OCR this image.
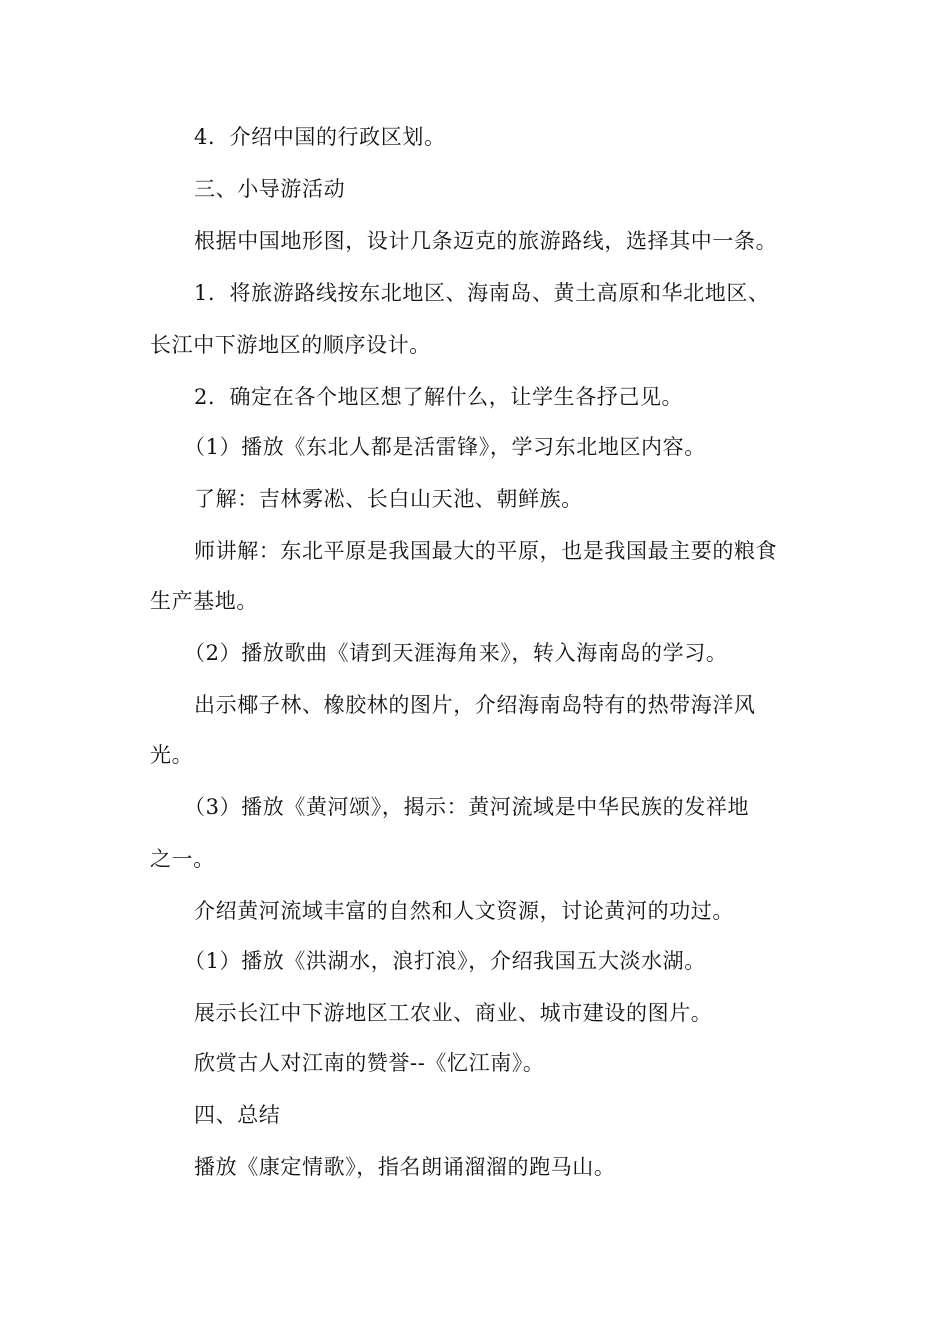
4．介绍中国的行政区划。
三、小导游活动
根据中国地形图，设计几条迈克的旅游路线，选择其中一条。
1．将旅游路线按东北地区、海南岛、黄土高原和华北地区、
长江中下游地区的顺序设计。
2．确定在各个地区想了解什么，让学生各抒己见。
（1）播放《东北人都是活雷锋》，学习东北地区内容。
了解：吉林雾凇、长白山天池、朝鲜族。
师讲解：东北平原是我国最大的平原，也是我国最主要的粮食
生产基地。
（2）播放歌曲《请到天涯海角来》，转入海南岛的学习。
出示椰子林、橡胶林的图片，介绍海南岛特有的热带海洋风
光。
（3）播放《黄河颂》，揭示：黄河流域是中华民族的发祥地
之一。
介绍黄河流域丰富的自然和人文资源，讨论黄河的功过。
（1）播放《洪湖水，浪打浪》，介绍我国五大淡水湖。
展示长江中下游地区工农业、商业、城市建设的图片。
欣赏古人对江南的赞誉--《忆江南》。
四、总结
播放《康定情歌》，指名朗诵溜溜的跑马山。
